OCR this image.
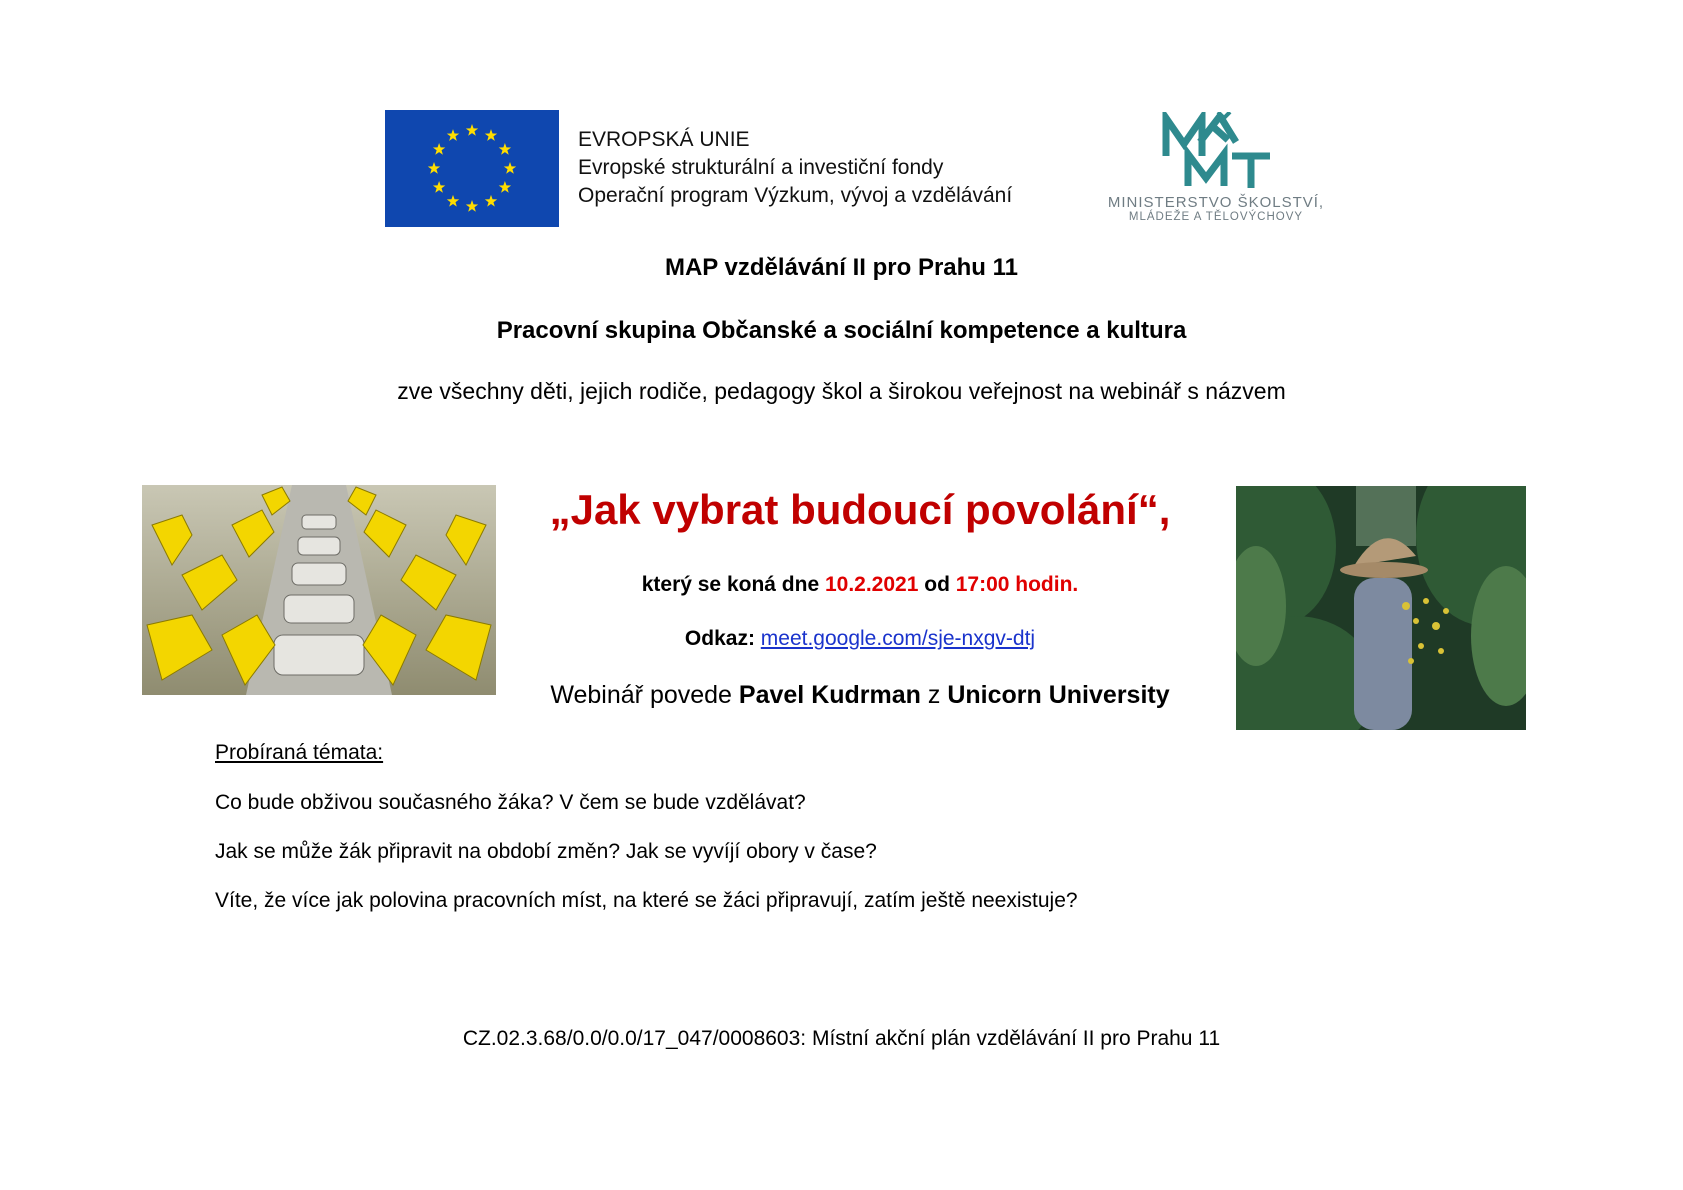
EVROPSKÁ UNIE
Evropské strukturální a investiční fondy
Operační program Výzkum, vývoj a vzdělávání	MINISTERSTVO ŠKOLSTVÍ,
MLÁDEŽE A TĚLOVÝCHOVY
MAP vzdělávání II pro Prahu 11
Pracovní skupina Občanské a sociální kompetence a kultura
zve všechny děti, jejich rodiče, pedagogy škol a širokou veřejnost na webinář s názvem
„Jak vybrat budoucí povolání“,
který se koná dne 10.2.2021 od 17:00 hodin.
Odkaz: meet.google.com/sje-nxgv-dtj
Webinář povede Pavel Kudrman z Unicorn University
Probíraná témata:
Co bude obživou současného žáka? V čem se bude vzdělávat?
Jak se může žák připravit na období změn? Jak se vyvíjí obory v čase?
Víte, že více jak polovina pracovních míst, na které se žáci připravují, zatím ještě neexistuje?
CZ.02.3.68/0.0/0.0/17_047/0008603: Místní akční plán vzdělávání II pro Prahu 11
